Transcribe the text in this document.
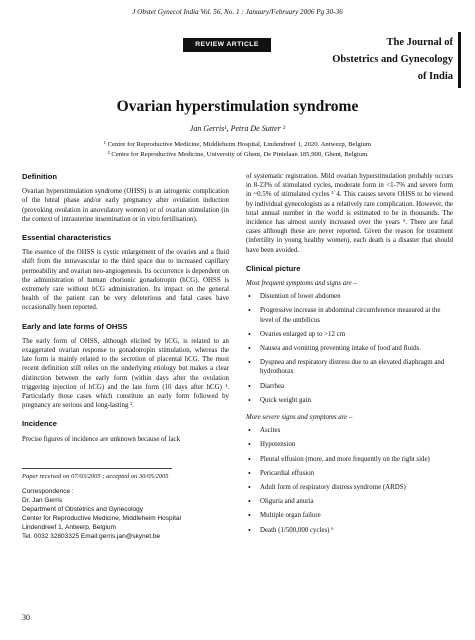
J Obstet Gynecol India Vol. 56, No. 1 : January/February 2006 Pg 30-36
REVIEW ARTICLE	The Journal of
Obstetrics and Gynecology
of India
Ovarian hyperstimulation syndrome
Jan Gerris¹, Petra De Sutter ²
¹ Centre for Reproductive Medicine, Middleheim Hospital, Lindendreef 1, 2020. Antwezp, Belgium
² Centre for Reproductive Medicine, University of Ghent, De Pintelaan 185,900, Ghent, Belgium
Definition

Ovarian hyperstimulation syndrome (OHSS) is an iatrogenic complication of the luteal phase and/or early pregnancy after ovulation induction (provoking ovulation in anovulatory women) or of ovarian stimulation (in the context of intrauterine insemination or in vitro fertilisation).

Essential characteristics

The essence of the OHSS is cystic enlargement of the ovaries and a fluid shift from the intravascular to the third space due to increased capillary permeability and ovarian neo-angiogenesis. Its occurrence is dependent on the administration of human chorionic gonadotropin (hCG). OHSS is extremely rare without hCG administration. Its impact on the general health of the patient can be very deleterious and fatal cases have occasionally been reported.

Early and late forms of OHSS

The early form of OHSS, although elicited by hCG, is related to an exaggerated ovarian response to gonadotropin stimulation, whereas the late form is mainly related to the secretion of placental hCG. The most recent definition still relies on the underlying etiology but makes a clear distinction between the early form (within days after the ovulation triggering injection of hCG) and the late form (10 days after hCG) ¹. Particularly those cases which constitute an early form followed by pregnancy are serious and long-lasting ².

Incidence

Precise figures of incidence are unknown because of lack

Paper received on 07/03/2005 ; accepted on 30/05/2005
Correspondence :
Dr. Jan Gerris
Department of Obstetrics and Gynecology
Center for Reproductive Medicine, Middleheim Hospital
Lindendreef 1, Antwerp, Belgium
Tel. 0032 32803325 Email:gerris.jan@skynet.be

of systematic registration. Mild ovarian hyperstimulation probably occurs in 8-23% of stimulated cycles, moderate form in <1-7% and severe form in ~0.5% of stimulated cycles ³˙4. This causes severe OHSS to be viewed by individual gynecologists as a relatively rare complication. However, the total annual number in the world is estimated to be in thousands. The incidence has almost surely increased over the years ⁵. There are fatal cases although these are never reported. Given the reason for treatment (infertility in young healthy women), each death is a disaster that should have been avoided.

Clinical picture
Most frequent symptoms and signs are –
• Distention of lower abdomen
• Progressive increase in abdominal circumference measured at the level of the umbilicus
• Ovaries enlarged up to >12 cm
• Nausea and vomiting preventing intake of food and fluids.
• Dyspnea and respiratory distress due to an elevated diaphragm and hydrothorax
• Diarrhea
• Quick weight gain
More severe signs and symptoms are –
• Ascites
• Hypotension
• Pleural effusion (more, and more frequently on the right side)
• Pericardial effusion
• Adult form of respiratory distress syndrome (ARDS)
• Oliguria and anuria
• Multiple organ failure
• Death (1/500,000 cycles) ⁶
30
